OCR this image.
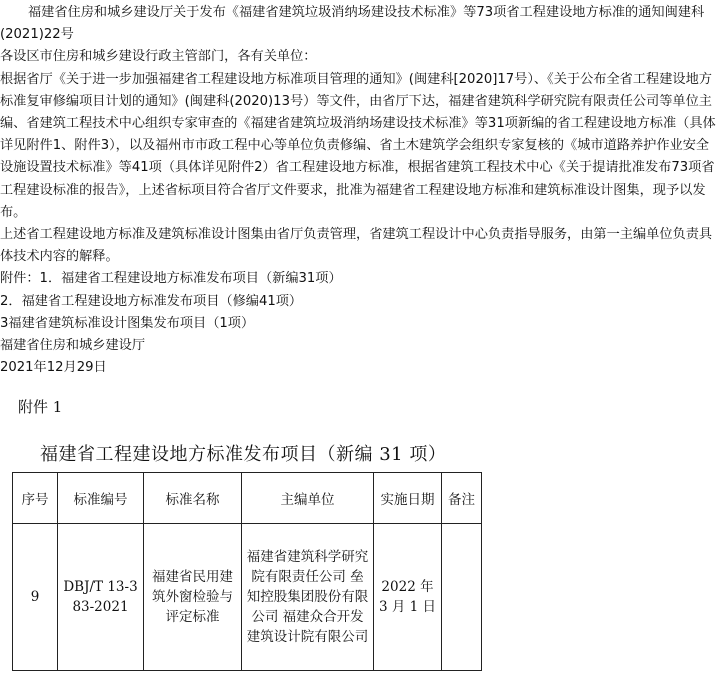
福建省住房和城乡建设厅关于发布《福建省建筑垃圾消纳场建设技术标准》等73项省工程建设地方标准的通知闽建科(2021)22号

各设区市住房和城乡建设行政主管部门，各有关单位：

根据省厅《关于进一步加强福建省工程建设地方标准项目管理的通知》(闽建科[2020]17号）、《关于公布全省工程建设地方标准复审修编项目计划的通知》(闽建科(2020)13号）等文件，由省厅下达，福建省建筑科学研究院有限责任公司等单位主编、省建筑工程技术中心组织专家审查的《福建省建筑垃圾消纳场建设技术标准》等31项新编的省工程建设地方标准（具体详见附件1、附件3），以及福州市市政工程中心等单位负责修编、省土木建筑学会组织专家复核的《城市道路养护作业安全设施设置技术标准》等41项（具体详见附件2）省工程建设地方标准，根据省建筑工程技术中心《关于提请批准发布73项省工程建设标准的报告》，上述省标项目符合省厅文件要求，批准为福建省工程建设地方标准和建筑标准设计图集，现予以发布。

上述省工程建设地方标准及建筑标准设计图集由省厅负责管理，省建筑工程设计中心负责指导服务，由第一主编单位负责具体技术内容的解释。

附件：1．福建省工程建设地方标准发布项目（新编31项）

2．福建省工程建设地方标准发布项目（修编41项）

3福建省建筑标准设计图集发布项目（1项）

福建省住房和城乡建设厅

2021年12月29日

附件 1
福建省工程建设地方标准发布项目（新编 31 项）
序号	标准编号	标准名称	主编单位	实施日期	备注
9	DBJ/T 13-383-2021	福建省民用建筑外窗检验与评定标准	福建省建筑科学研究院有限责任公司 垒知控股集团股份有限公司 福建众合开发建筑设计院有限公司	2022 年 3 月 1 日	
